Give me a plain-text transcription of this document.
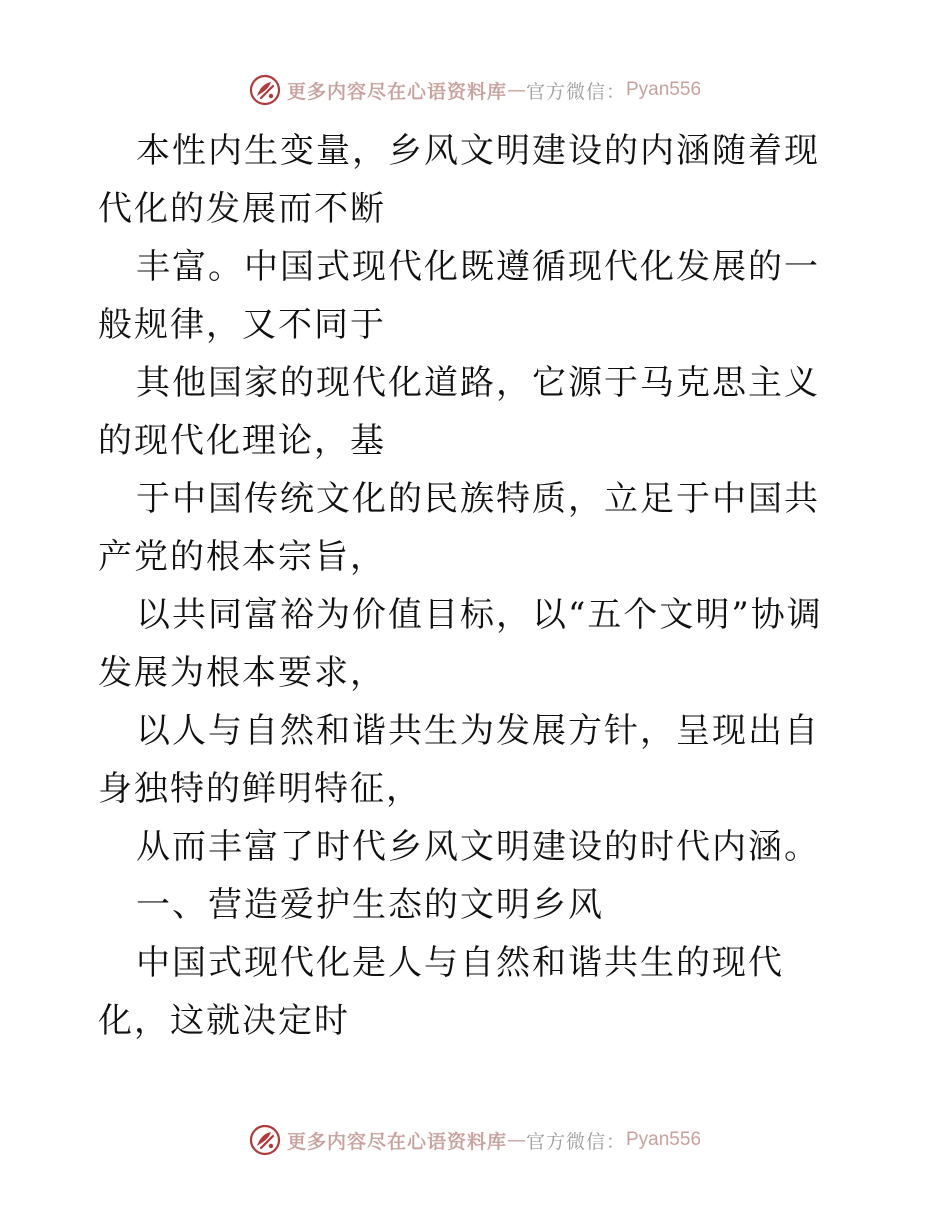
更多内容尽在心语资料库 — 官方微信： Pyan556

本性内生变量，乡风文明建设的内涵随着现代化的发展而不断

丰富。中国式现代化既遵循现代化发展的一般规律，又不同于

其他国家的现代化道路，它源于马克思主义的现代化理论，基

于中国传统文化的民族特质，立足于中国共产党的根本宗旨，

以共同富裕为价值目标，以“五个文明”协调发展为根本要求，

以人与自然和谐共生为发展方针，呈现出自身独特的鲜明特征，

从而丰富了时代乡风文明建设的时代内涵。

一、营造爱护生态的文明乡风

中国式现代化是人与自然和谐共生的现代化，这就决定时

更多内容尽在心语资料库 — 官方微信： Pyan556
